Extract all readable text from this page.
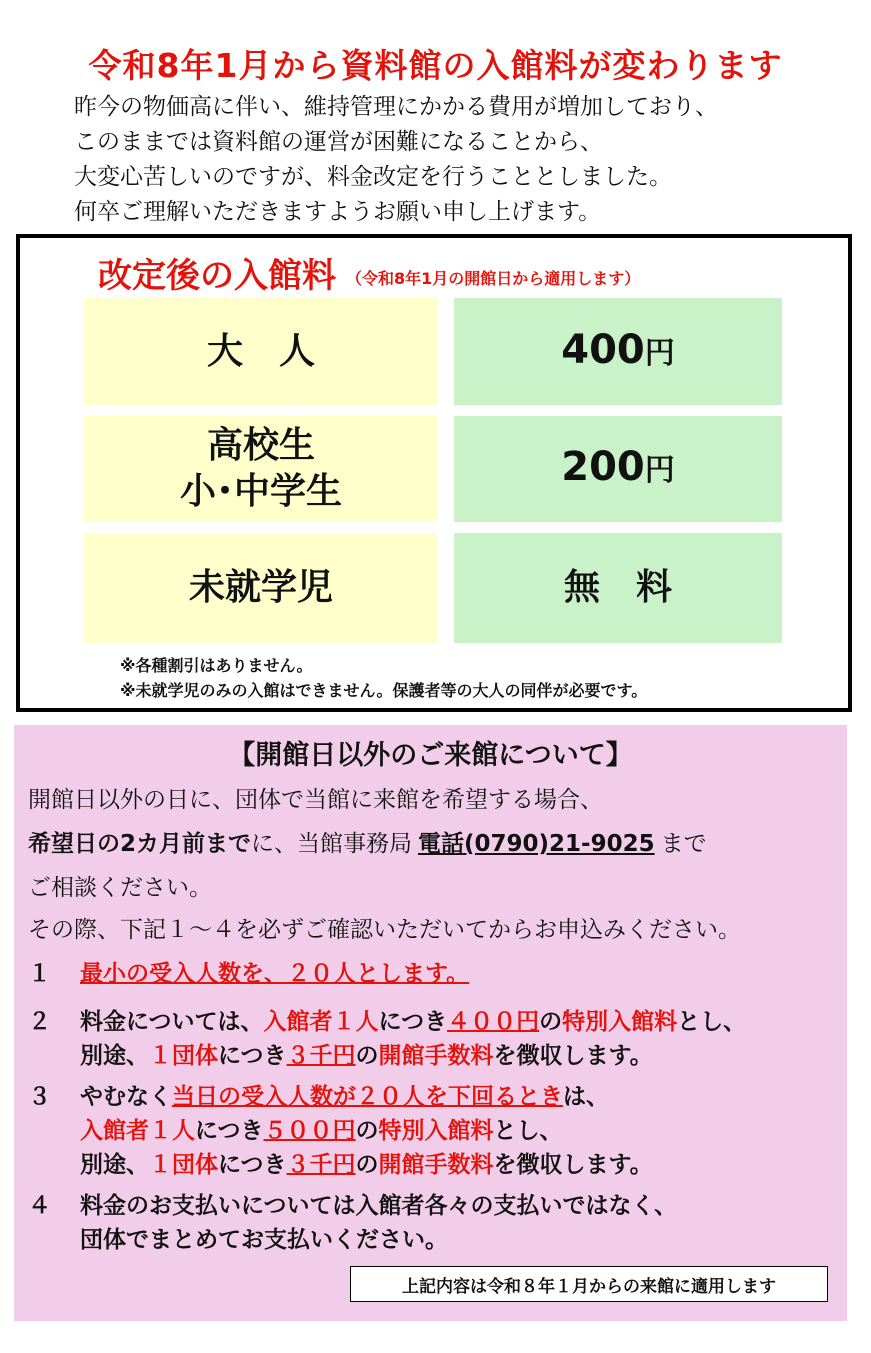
令和8年1月から資料館の入館料が変わります
昨今の物価高に伴い、維持管理にかかる費用が増加しており、
このままでは資料館の運営が困難になることから、
大変心苦しいのですが、料金改定を行うこととしました。
何卒ご理解いただきますようお願い申し上げます。
改定後の入館料 （令和8年1月の開館日から適用します）
大　人	400円
高校生
小･中学生
200円
未就学児	無　料
※各種割引はありません。
※未就学児のみの入館はできません。保護者等の大人の同伴が必要です。
【開館日以外のご来館について】
開館日以外の日に、団体で当館に来館を希望する場合、
希望日の2カ月前までに、当館事務局 電話(0790)21-9025 まで
ご相談ください。
その際、下記１～４を必ずご確認いただいてからお申込みください。
１ 最小の受入人数を、２０人とします。
２ 料金については、入館者１人につき４００円の特別入館料とし、
別途、１団体につき３千円の開館手数料を徴収します。
３ やむなく当日の受入人数が２０人を下回るときは、
入館者１人につき５００円の特別入館料とし、
別途、１団体につき３千円の開館手数料を徴収します。
４ 料金のお支払いについては入館者各々の支払いではなく、
団体でまとめてお支払いください。
上記内容は令和８年１月からの来館に適用します
